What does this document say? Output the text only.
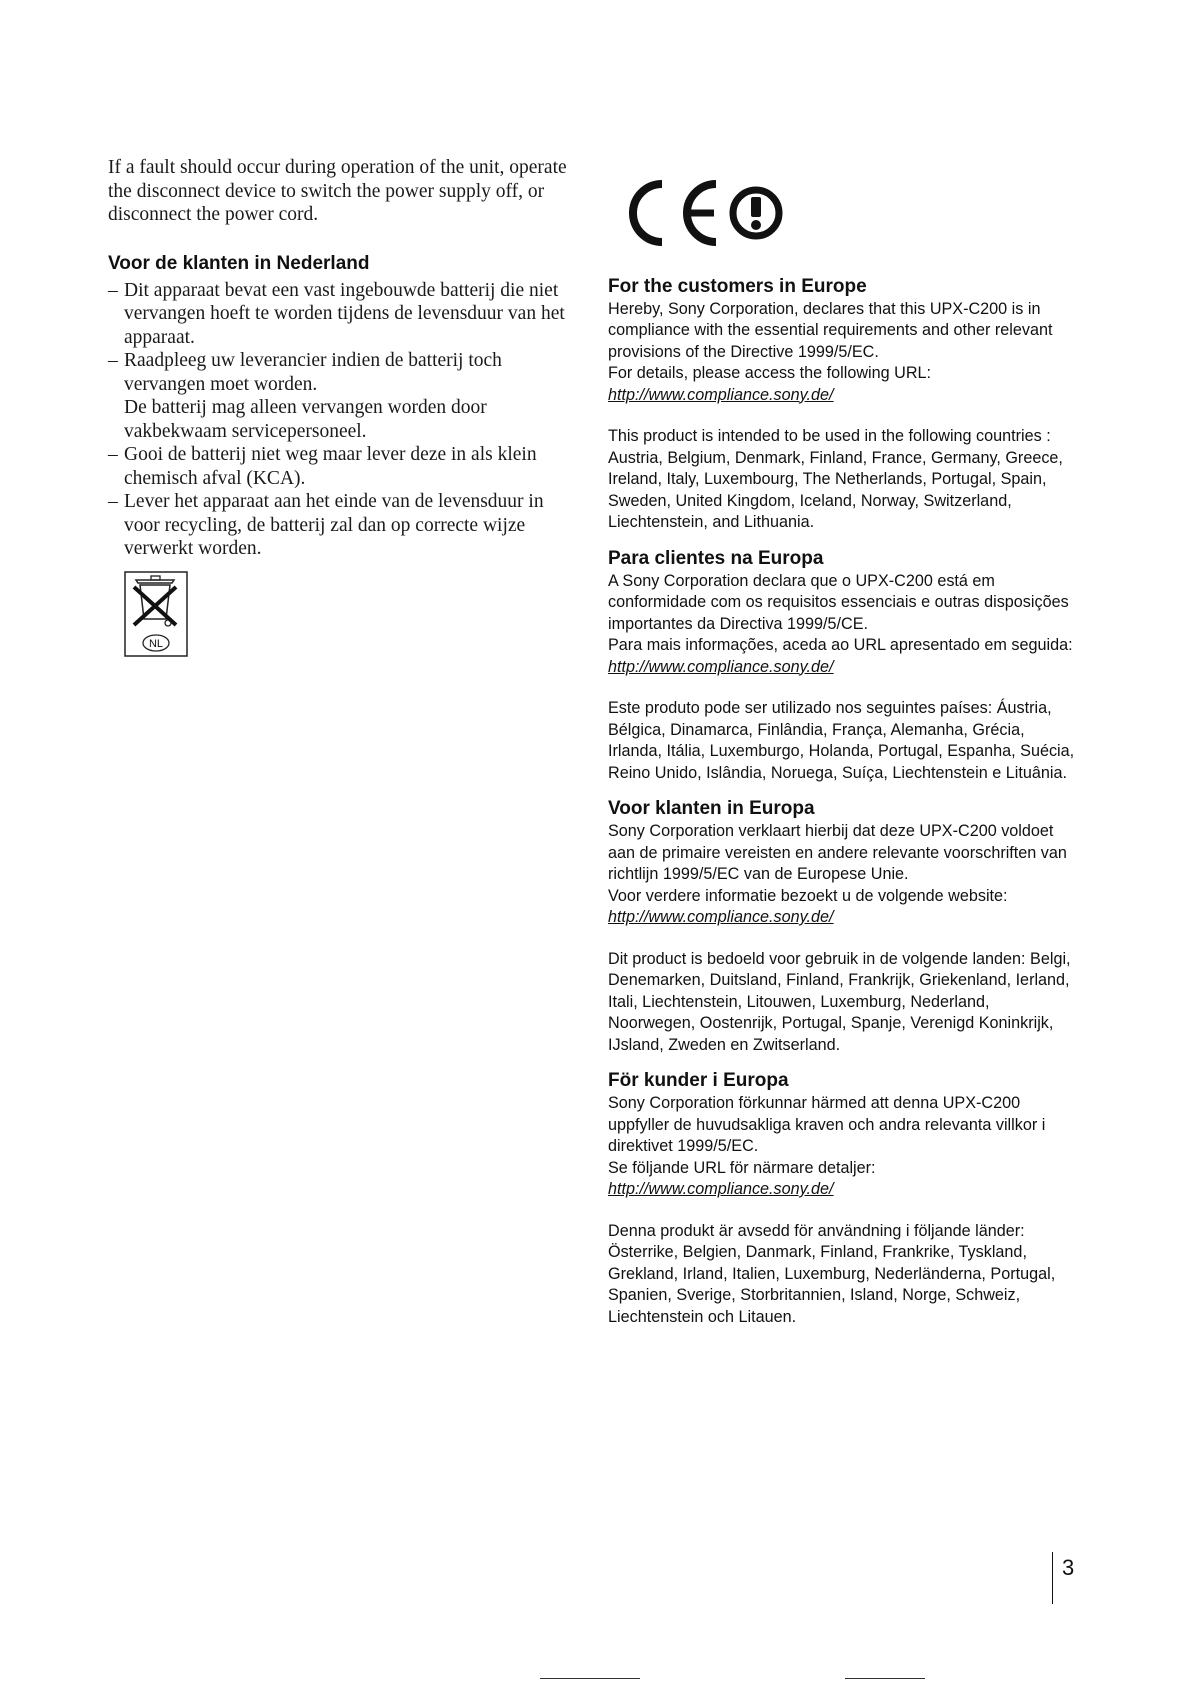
If a fault should occur during operation of the unit, operate the disconnect device to switch the power supply off, or disconnect the power cord.

Voor de klanten in Nederland
– Dit apparaat bevat een vast ingebouwde batterij die niet vervangen hoeft te worden tijdens de levensduur van het apparaat.
– Raadpleeg uw leverancier indien de batterij toch vervangen moet worden.
De batterij mag alleen vervangen worden door vakbekwaam servicepersoneel.
– Gooi de batterij niet weg maar lever deze in als klein chemisch afval (KCA).
– Lever het apparaat aan het einde van de levensduur in voor recycling, de batterij zal dan op correcte wijze verwerkt worden.
NL
For the customers in Europe

Hereby, Sony Corporation, declares that this UPX-C200 is in compliance with the essential requirements and other relevant provisions of the Directive 1999/5/EC.

For details, please access the following URL:

http://www.compliance.sony.de/

This product is intended to be used in the following countries : Austria, Belgium, Denmark, Finland, France, Germany, Greece, Ireland, Italy, Luxembourg, The Netherlands, Portugal, Spain, Sweden, United Kingdom, Iceland, Norway, Switzerland, Liechtenstein, and Lithuania.

Para clientes na Europa

A Sony Corporation declara que o UPX-C200 está em conformidade com os requisitos essenciais e outras disposições importantes da Directiva 1999/5/CE.

Para mais informações, aceda ao URL apresentado em seguida:

http://www.compliance.sony.de/

Este produto pode ser utilizado nos seguintes países: Áustria, Bélgica, Dinamarca, Finlândia, França, Alemanha, Grécia, Irlanda, Itália, Luxemburgo, Holanda, Portugal, Espanha, Suécia, Reino Unido, Islândia, Noruega, Suíça, Liechtenstein e Lituânia.

Voor klanten in Europa

Sony Corporation verklaart hierbij dat deze UPX-C200 voldoet aan de primaire vereisten en andere relevante voorschriften van richtlijn 1999/5/EC van de Europese Unie.

Voor verdere informatie bezoekt u de volgende website:

http://www.compliance.sony.de/

Dit product is bedoeld voor gebruik in de volgende landen: Belgi, Denemarken, Duitsland, Finland, Frankrijk, Griekenland, Ierland, Itali, Liechtenstein, Litouwen, Luxemburg, Nederland, Noorwegen, Oostenrijk, Portugal, Spanje, Verenigd Koninkrijk, IJsland, Zweden en Zwitserland.

För kunder i Europa

Sony Corporation förkunnar härmed att denna UPX-C200 uppfyller de huvudsakliga kraven och andra relevanta villkor i direktivet 1999/5/EC.

Se följande URL för närmare detaljer:

http://www.compliance.sony.de/

Denna produkt är avsedd för användning i följande länder: Österrike, Belgien, Danmark, Finland, Frankrike, Tyskland, Grekland, Irland, Italien, Luxemburg, Nederländerna, Portugal, Spanien, Sverige, Storbritannien, Island, Norge, Schweiz, Liechtenstein och Litauen.

3
